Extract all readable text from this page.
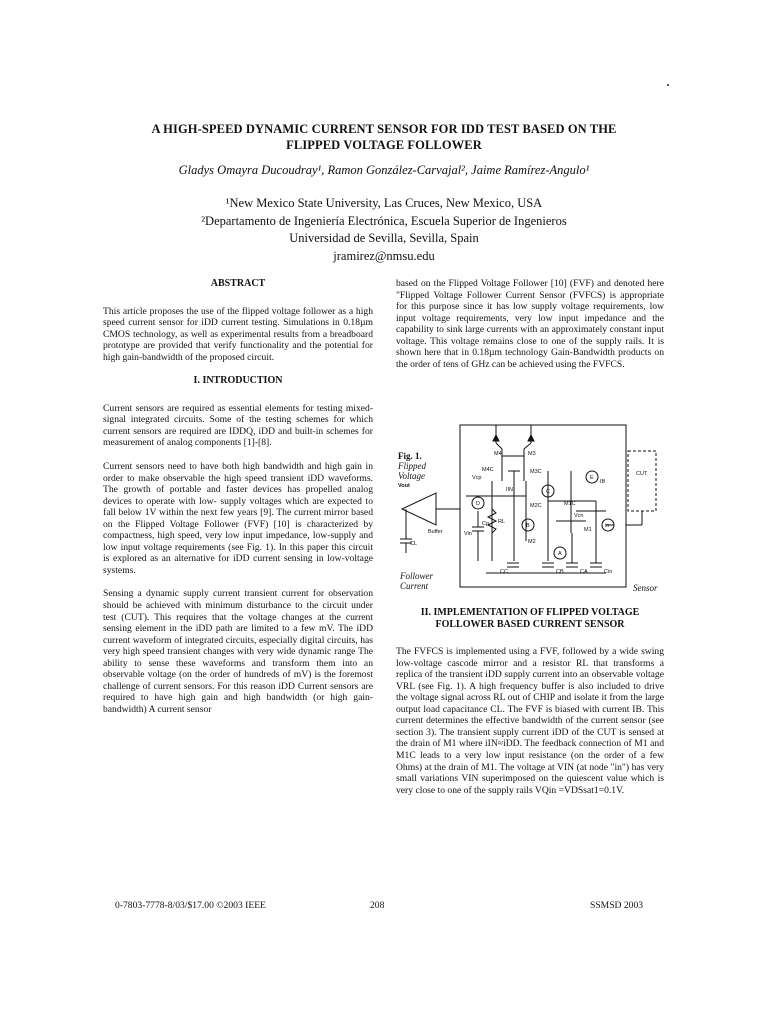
A HIGH-SPEED DYNAMIC CURRENT SENSOR FOR IDD TEST BASED ON THE
FLIPPED VOLTAGE FOLLOWER
Gladys Omayra Ducoudray¹, Ramon González-Carvajal², Jaime Ramírez-Angulo¹
¹New Mexico State University, Las Cruces, New Mexico, USA
²Departamento de Ingeniería Electrónica, Escuela Superior de Ingenieros
Universidad de Sevilla, Sevilla, Spain
jramirez@nmsu.edu

ABSTRACT

This article proposes the use of the flipped voltage follower as a high speed current sensor for iDD current testing. Simulations in 0.18µm CMOS technology, as well as experimental results from a breadboard prototype are provided that verify functionality and the potential for high gain-bandwidth of the proposed circuit.

I. INTRODUCTION

Current sensors are required as essential elements for testing mixed-signal integrated circuits. Some of the testing schemes for which current sensors are required are IDDQ, iDD and built-in schemes for measurement of analog components [1]-[8].

Current sensors need to have both high bandwidth and high gain in order to make observable the high speed transient iDD waveforms. The growth of portable and faster devices has propelled analog devices to operate with low- supply voltages which are expected to fall below 1V within the next few years [9]. The current mirror based on the Flipped Voltage Follower (FVF) [10] is characterized by compactness, high speed, very low input impedance, low-supply and low input voltage requirements (see Fig. 1). In this paper this circuit is explored as an alternative for iDD current sensing in low-voltage systems.

Sensing a dynamic supply current transient current for observation should be achieved with minimum disturbance to the circuit under test (CUT). This requires that the voltage changes at the current sensing element in the iDD path are limited to a few mV. The iDD current waveform of integrated circuits, especially digital circuits, has very high speed transient changes with very wide dynamic range The ability to sense these waveforms and transform them into an observable voltage (on the order of hundreds of mV) is the foremost challenge of current sensors. For this reason iDD Current sensors are required to have high gain and high bandwidth (or high gain-bandwidth) A current sensor

based on the Flipped Voltage Follower [10] (FVF) and denoted here "Flipped Voltage Follower Current Sensor (FVFCS) is appropriate for this purpose since it has low supply voltage requirements, low input voltage requirements, very low input impedance and the capability to sink large currents with an approximately constant input voltage. This voltage remains close to one of the supply rails. It is shown here that in 0.18µm technology Gain-Bandwidth products on the order of tens of GHz can be achieved using the FVFCS.

Fig. 1.
Flipped
Voltage
Follower
Current	Sensor
Vout
Buffer
CL
RL
Cp
Vin
Vcp
M4	M3
M4C	M3C
M2C	M1C
Vcn
M2
M1
IB
IIN
CUT
CA
CB
CC	Cin
A
B
C
D
E
in

II. IMPLEMENTATION OF FLIPPED VOLTAGE

FOLLOWER BASED CURRENT SENSOR

The FVFCS is implemented using a FVF, followed by a wide swing low-voltage cascode mirror and a resistor RL that transforms a replica of the transient iDD supply current into an observable voltage VRL (see Fig. 1). A high frequency buffer is also included to drive the voltage signal across RL out of CHIP and isolate it from the large output load capacitance CL. The FVF is biased with current IB. This current determines the effective bandwidth of the current sensor (see section 3). The transient supply current iDD of the CUT is sensed at the drain of M1 where iIN≈iDD. The feedback connection of M1 and M1C leads to a very low input resistance (on the order of a few Ohms) at the drain of M1. The voltage at VIN (at node "in") has very small variations VIN superimposed on the quiescent value which is very close to one of the supply rails VQin =VDSsat1=0.1V.

0-7803-7778-8/03/$17.00 ©2003 IEEE	208	SSMSD 2003
